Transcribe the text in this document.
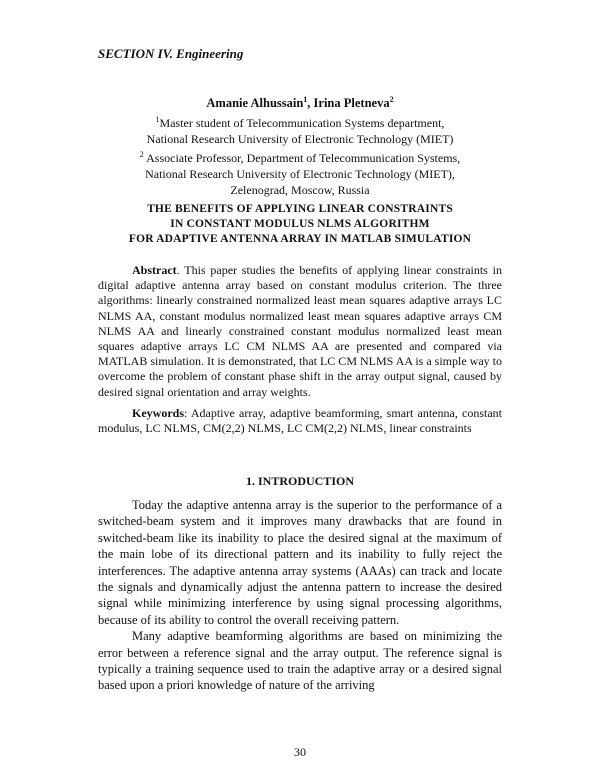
SECTION IV. Engineering
Amanie Alhussain$^1$, Irina Pletneva$^2$
$^1$Master student of Telecommunication Systems department,
National Research University of Electronic Technology (MIET)
$^2$ Associate Professor, Department of Telecommunication Systems,
National Research University of Electronic Technology (MIET),
Zelenograd, Moscow, Russia
THE BENEFITS OF APPLYING LINEAR CONSTRAINTS
IN CONSTANT MODULUS NLMS ALGORITHM
FOR ADAPTIVE ANTENNA ARRAY IN MATLAB SIMULATION
Abstract. This paper studies the benefits of applying linear constraints in digital adaptive antenna array based on constant modulus criterion. The three algorithms: linearly constrained normalized least mean squares adaptive arrays LC NLMS AA, constant modulus normalized least mean squares adaptive arrays CM NLMS AA and linearly constrained constant modulus normalized least mean squares adaptive arrays LC CM NLMS AA are presented and compared via MATLAB simulation. It is demonstrated, that LC CM NLMS AA is a simple way to overcome the problem of constant phase shift in the array output signal, caused by desired signal orientation and array weights.
Keywords: Adaptive array, adaptive beamforming, smart antenna, constant modulus, LC NLMS, CM(2,2) NLMS, LC CM(2,2) NLMS, linear constraints
1. INTRODUCTION

Today the adaptive antenna array is the superior to the performance of a switched-beam system and it improves many drawbacks that are found in switched-beam like its inability to place the desired signal at the maximum of the main lobe of its directional pattern and its inability to fully reject the interferences. The adaptive antenna array systems (AAAs) can track and locate the signals and dynamically adjust the antenna pattern to increase the desired signal while minimizing interference by using signal processing algorithms, because of its ability to control the overall receiving pattern.

Many adaptive beamforming algorithms are based on minimizing the error between a reference signal and the array output. The reference signal is typically a training sequence used to train the adaptive array or a desired signal based upon a priori knowledge of nature of the arriving

30
